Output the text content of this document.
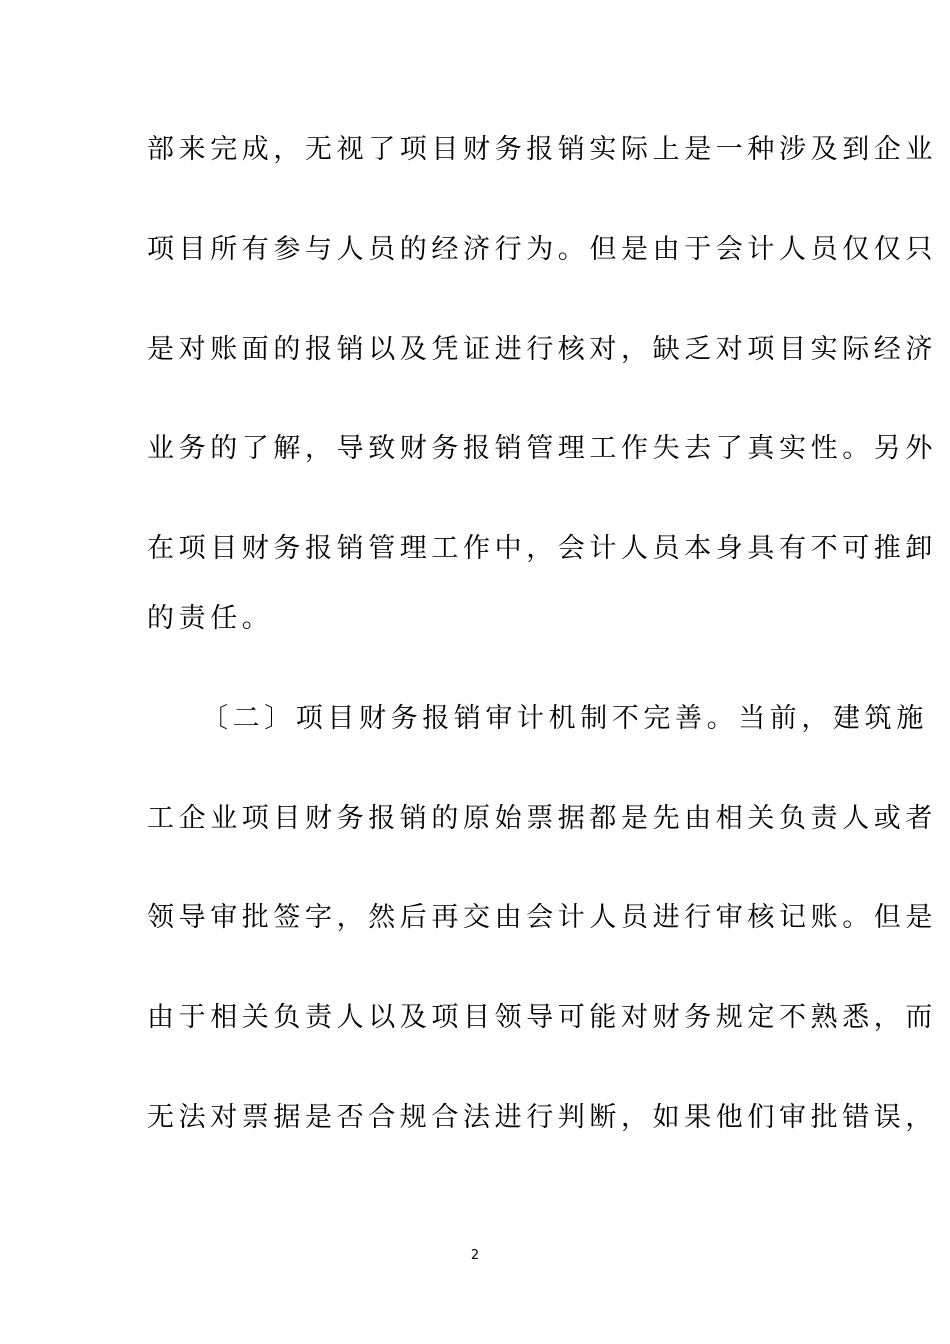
部来完成，无视了项目财务报销实际上是一种涉及到企业
项目所有参与人员的经济行为。但是由于会计人员仅仅只
是对账面的报销以及凭证进行核对，缺乏对项目实际经济
业务的了解，导致财务报销管理工作失去了真实性。另外
在项目财务报销管理工作中，会计人员本身具有不可推卸
的责任。
〔二〕项目财务报销审计机制不完善。当前，建筑施
工企业项目财务报销的原始票据都是先由相关负责人或者
领导审批签字，然后再交由会计人员进行审核记账。但是
由于相关负责人以及项目领导可能对财务规定不熟悉，而
无法对票据是否合规合法进行判断，如果他们审批错误，
2
